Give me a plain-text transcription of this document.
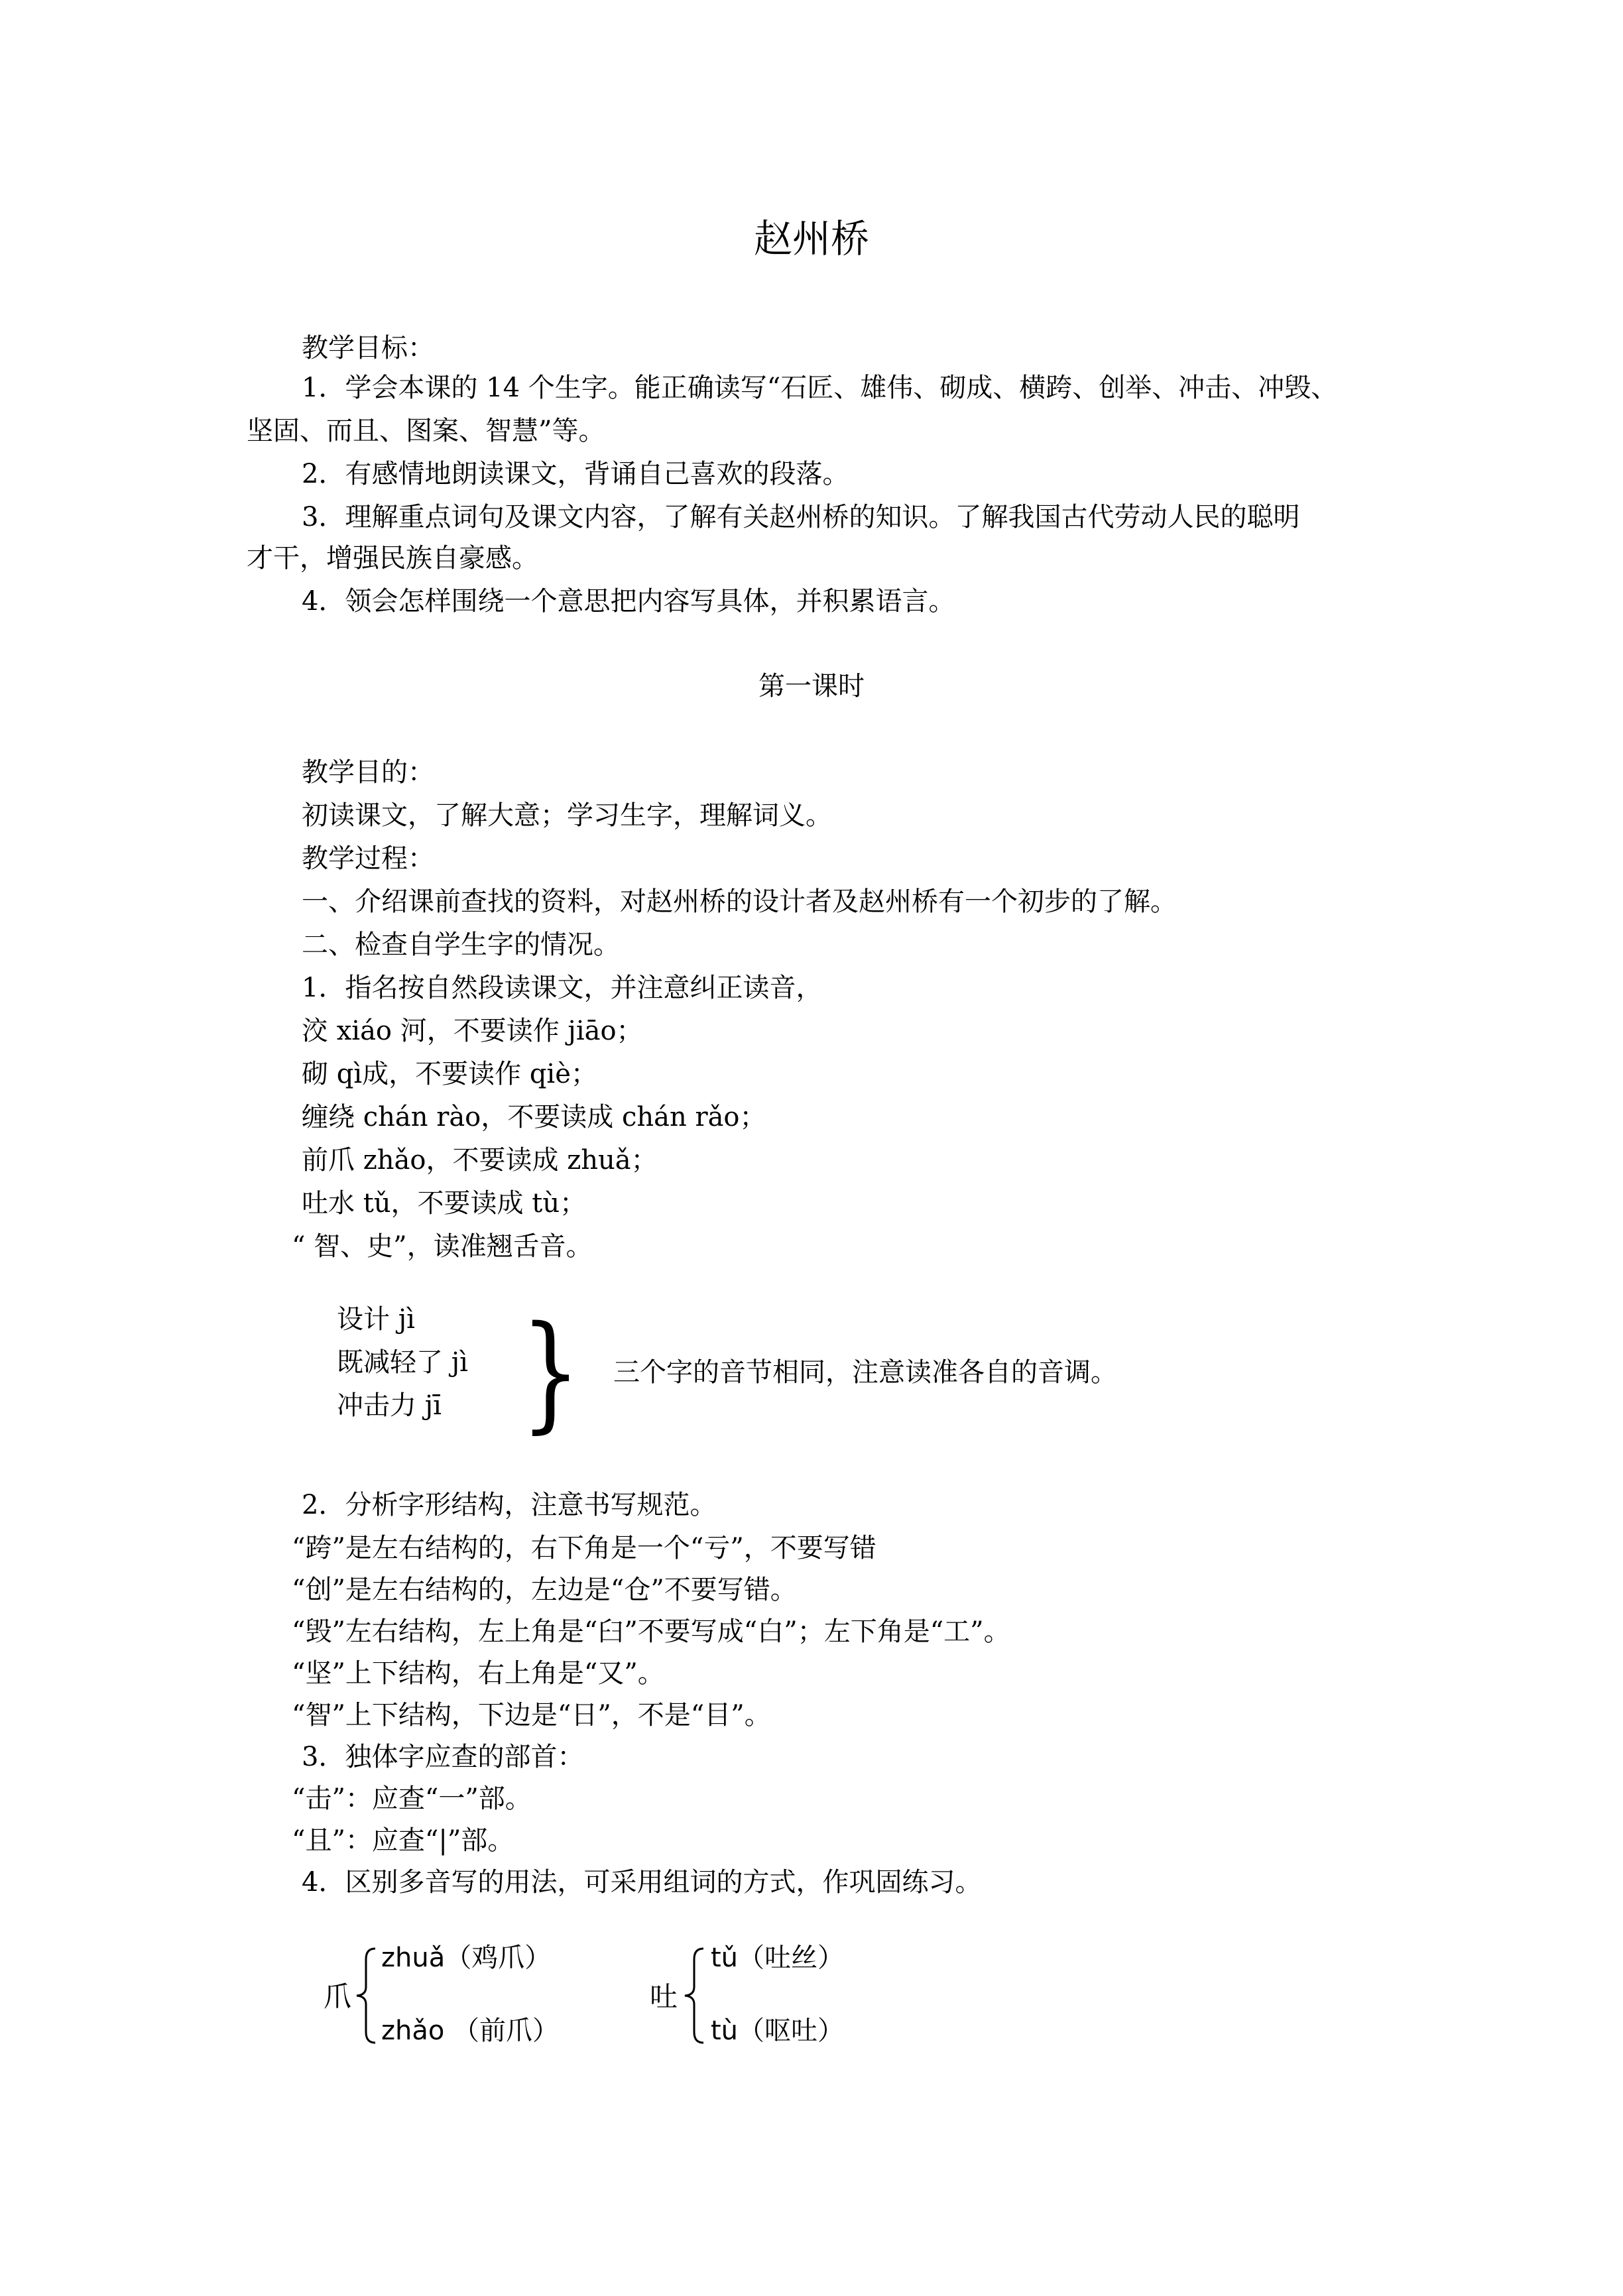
赵州桥

教学目标：

1．学会本课的 14 个生字。能正确读写“石匠、雄伟、砌成、横跨、创举、冲击、冲毁、

坚固、而且、图案、智慧”等。

2．有感情地朗读课文，背诵自己喜欢的段落。

3．理解重点词句及课文内容，了解有关赵州桥的知识。了解我国古代劳动人民的聪明

才干，增强民族自豪感。

4．领会怎样围绕一个意思把内容写具体，并积累语言。

第一课时

教学目的：

初读课文，了解大意；学习生字，理解词义。

教学过程：

一、介绍课前查找的资料，对赵州桥的设计者及赵州桥有一个初步的了解。

二、检查自学生字的情况。

1．指名按自然段读课文，并注意纠正读音，

洨 xiáo 河，不要读作 jiāo；

砌 qì成，不要读作 qiè；

缠绕 chán rào，不要读成 chán rǎo；

前爪 zhǎo，不要读成 zhuǎ；

吐水 tǔ，不要读成 tù；

“ 智、史”，读准翘舌音。

设计 jì
既减轻了 jì
冲击力 jī } 三个字的音节相同，注意读准各自的音调。

2．分析字形结构，注意书写规范。

“跨”是左右结构的，右下角是一个“亏”，不要写错

“创”是左右结构的，左边是“仓”不要写错。

“毁”左右结构，左上角是“臼”不要写成“白”；左下角是“工”。

“坚”上下结构，右上角是“又”。

“智”上下结构，下边是“日”，不是“目”。

3．独体字应查的部首：

“击”：应查“一”部。

“且”：应查“|”部。

4．区别多音写的用法，可采用组词的方式，作巩固练习。

爪
zhuǎ（鸡爪）
zhǎo （前爪）
吐
tǔ（吐丝）
tù（呕吐）
